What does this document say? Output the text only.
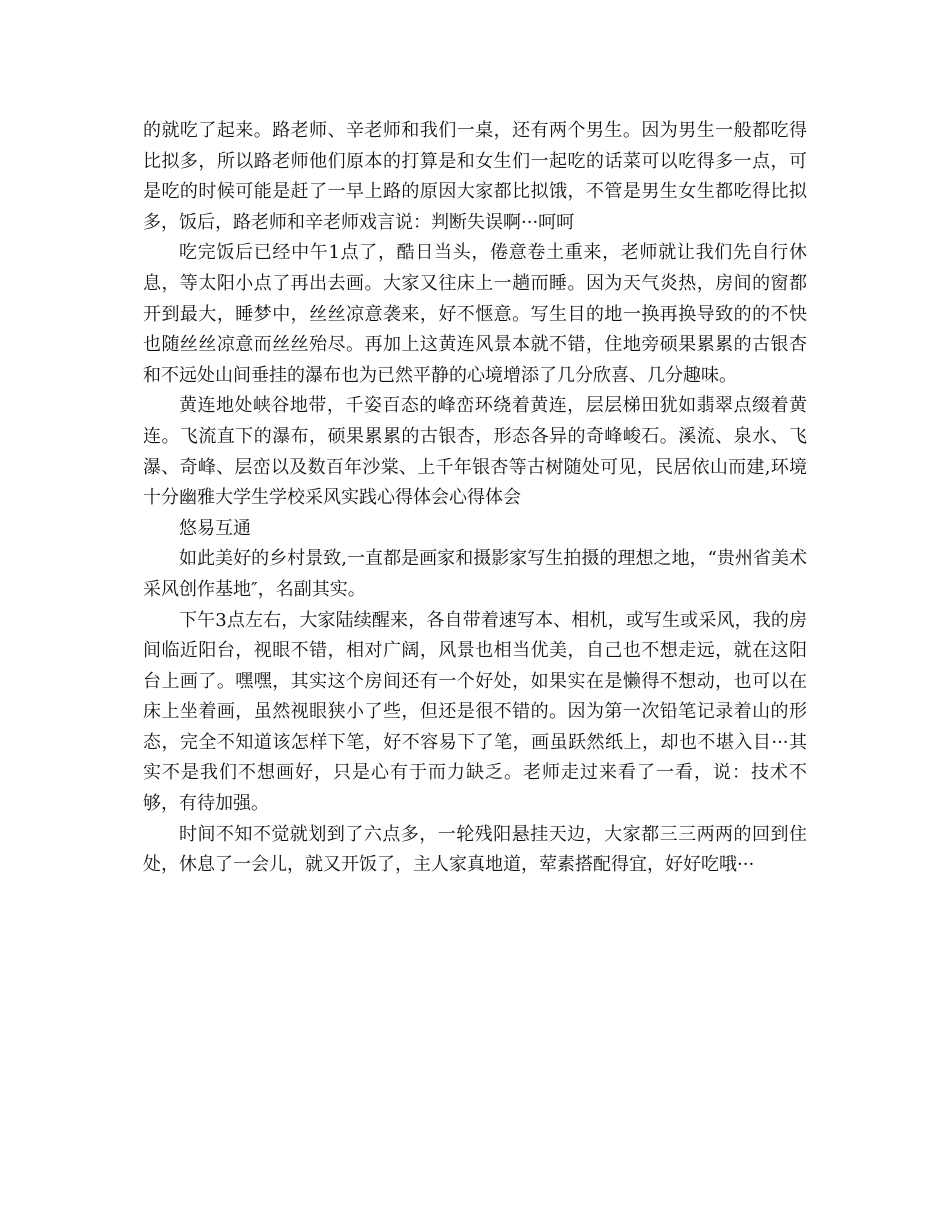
的就吃了起来。路老师、辛老师和我们一桌，还有两个男生。因为男生一般都吃得比拟多，所以路老师他们原本的打算是和女生们一起吃的话菜可以吃得多一点，可是吃的时候可能是赶了一早上路的原因大家都比拟饿，不管是男生女生都吃得比拟多，饭后，路老师和辛老师戏言说：判断失误啊···呵呵

吃完饭后已经中午1点了，酷日当头，倦意卷土重来，老师就让我们先自行休息，等太阳小点了再出去画。大家又往床上一趟而睡。因为天气炎热，房间的窗都开到最大，睡梦中，丝丝凉意袭来，好不惬意。写生目的地一换再换导致的的不快也随丝丝凉意而丝丝殆尽。再加上这黄连风景本就不错，住地旁硕果累累的古银杏和不远处山间垂挂的瀑布也为已然平静的心境增添了几分欣喜、几分趣味。

黄连地处峡谷地带，千姿百态的峰峦环绕着黄连，层层梯田犹如翡翠点缀着黄连。飞流直下的瀑布，硕果累累的古银杏，形态各异的奇峰峻石。溪流、泉水、飞瀑、奇峰、层峦以及数百年沙棠、上千年银杏等古树随处可见，民居依山而建,环境十分幽雅大学生学校采风实践心得体会心得体会

悠易互通

如此美好的乡村景致,一直都是画家和摄影家写生拍摄的理想之地，“贵州省美术采风创作基地″，名副其实。

下午3点左右，大家陆续醒来，各自带着速写本、相机，或写生或采风，我的房间临近阳台，视眼不错，相对广阔，风景也相当优美，自己也不想走远，就在这阳台上画了。嘿嘿，其实这个房间还有一个好处，如果实在是懒得不想动，也可以在床上坐着画，虽然视眼狭小了些，但还是很不错的。因为第一次铅笔记录着山的形态，完全不知道该怎样下笔，好不容易下了笔，画虽跃然纸上，却也不堪入目···其实不是我们不想画好，只是心有于而力缺乏。老师走过来看了一看，说：技术不够，有待加强。

时间不知不觉就划到了六点多，一轮残阳悬挂天边，大家都三三两两的回到住处，休息了一会儿，就又开饭了，主人家真地道，荤素搭配得宜，好好吃哦···
